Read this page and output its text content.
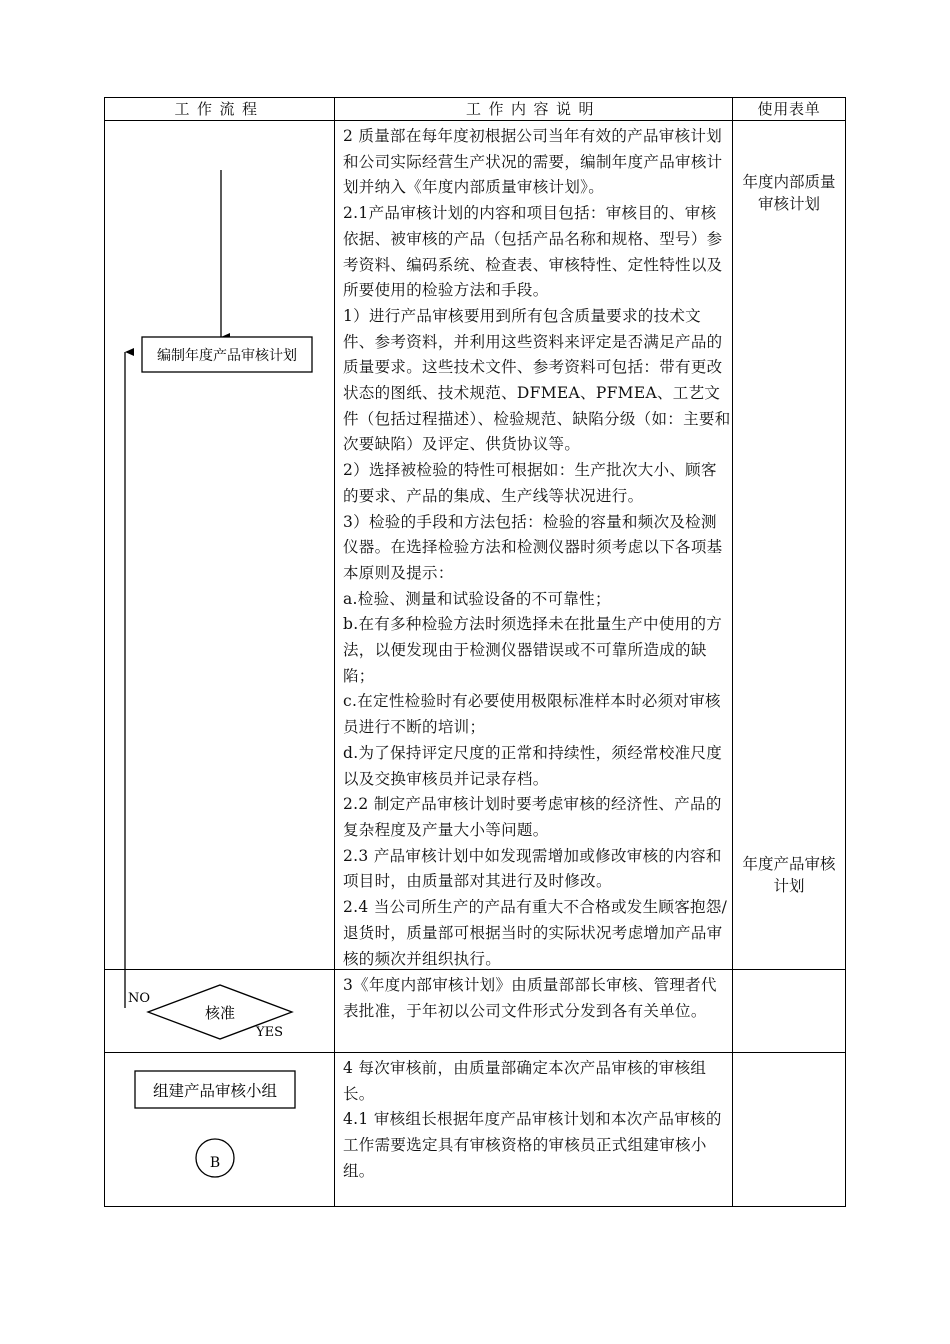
工作流程	工作内容说明	使用表单
编制年度产品审核计划
NO
核准
YES
组建产品审核小组
B

2 质量部在每年度初根据公司当年有效的产品审核计划和公司实际经营生产状况的需要，编制年度产品审核计划并纳入《年度内部质量审核计划》。

2.1产品审核计划的内容和项目包括：审核目的、审核依据、被审核的产品（包括产品名称和规格、型号）参考资料、编码系统、检查表、审核特性、定性特性以及所要使用的检验方法和手段。

1）进行产品审核要用到所有包含质量要求的技术文件、参考资料，并利用这些资料来评定是否满足产品的质量要求。这些技术文件、参考资料可包括：带有更改状态的图纸、技术规范、DFMEA、PFMEA、工艺文件（包括过程描述）、检验规范、缺陷分级（如：主要和次要缺陷）及评定、供货协议等。

2）选择被检验的特性可根据如：生产批次大小、顾客的要求、产品的集成、生产线等状况进行。

3）检验的手段和方法包括：检验的容量和频次及检测仪器。在选择检验方法和检测仪器时须考虑以下各项基本原则及提示：

a.检验、测量和试验设备的不可靠性；

b.在有多种检验方法时须选择未在批量生产中使用的方法，以便发现由于检测仪器错误或不可靠所造成的缺陷；

c.在定性检验时有必要使用极限标准样本时必须对审核员进行不断的培训；

d.为了保持评定尺度的正常和持续性，须经常校准尺度以及交换审核员并记录存档。

2.2 制定产品审核计划时要考虑审核的经济性、产品的复杂程度及产量大小等问题。

2.3 产品审核计划中如发现需增加或修改审核的内容和项目时，由质量部对其进行及时修改。

2.4 当公司所生产的产品有重大不合格或发生顾客抱怨/退货时，质量部可根据当时的实际状况考虑增加产品审核的频次并组织执行。

年度内部质量审核计划
年度产品审核计划

3《年度内部审核计划》由质量部部长审核、管理者代表批准，于年初以公司文件形式分发到各有关单位。

4 每次审核前，由质量部确定本次产品审核的审核组长。

4.1 审核组长根据年度产品审核计划和本次产品审核的工作需要选定具有审核资格的审核员正式组建审核小组。
